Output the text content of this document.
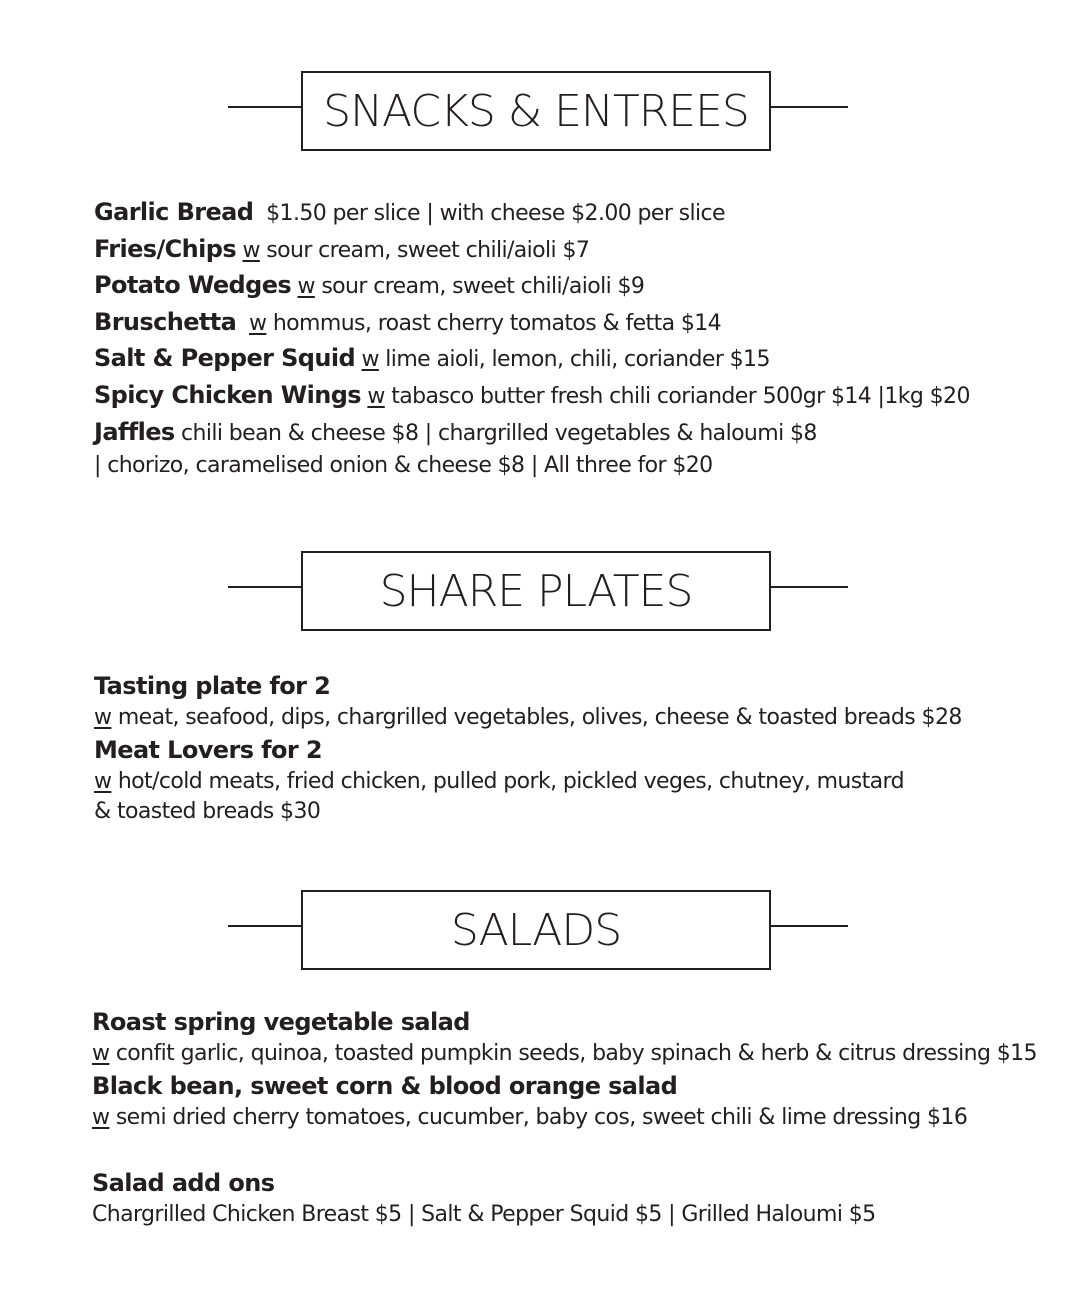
SNACKS & ENTREES
Garlic Bread $1.50 per slice | with cheese $2.00 per slice
Fries/Chips w sour cream, sweet chili/aioli $7
Potato Wedges w sour cream, sweet chili/aioli $9
Bruschetta w hommus, roast cherry tomatos & fetta $14
Salt & Pepper Squid w lime aioli, lemon, chili, coriander $15
Spicy Chicken Wings w tabasco butter fresh chili coriander 500gr $14 |1kg $20
Jaffles chili bean & cheese $8 | chargrilled vegetables & haloumi $8
| chorizo, caramelised onion & cheese $8 | All three for $20
SHARE PLATES
Tasting plate for 2
w meat, seafood, dips, chargrilled vegetables, olives, cheese & toasted breads $28
Meat Lovers for 2
w hot/cold meats, fried chicken, pulled pork, pickled veges, chutney, mustard
& toasted breads $30
SALADS
Roast spring vegetable salad
w confit garlic, quinoa, toasted pumpkin seeds, baby spinach & herb & citrus dressing $15
Black bean, sweet corn & blood orange salad
w semi dried cherry tomatoes, cucumber, baby cos, sweet chili & lime dressing $16
Salad add ons
Chargrilled Chicken Breast $5 | Salt & Pepper Squid $5 | Grilled Haloumi $5
